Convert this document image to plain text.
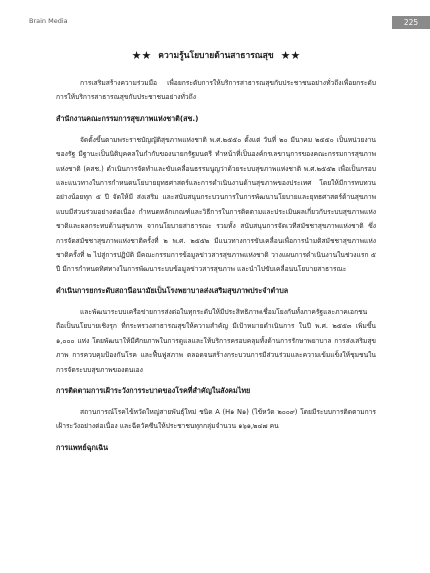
Brain Media	225
★★ ความรู้นโยบายด้านสาธารณสุข ★★

การเสริมสร้างความร่วมมือ เพื่อยกระดับการให้บริการสาธารณสุขกับประชาชนอย่างทั่วถึงเพื่อยกระดับการให้บริการสาธารณสุขกับประชาชนอย่างทั่วถึง

สำนักงานคณะกรรมการสุขภาพแห่งชาติ(สช.)

จัดตั้งขึ้นตามพระราชบัญญัติสุขภาพแห่งชาติ พ.ศ.๒๕๕๐ ตั้งแต่ วันที่ ๒๐ มีนาคม ๒๕๕๐ เป็นหน่วยงานของรัฐ มีฐานะเป็นนิติบุคคลในกำกับของนายกรัฐมนตรี ทำหน้าที่เป็นองค์กรเลขานุการของคณะกรรมการสุขภาพแห่งชาติ (คสช.) ดำเนินการจัดทำและขับเคลื่อนธรรมนูญว่าด้วยระบบสุขภาพแห่งชาติ พ.ศ.๒๕๕๒ เพื่อเป็นกรอบและแนวทางในการกำหนดนโยบายยุทธศาสตร์และการดำเนินงานด้านสุขภาพของประเทศ โดยให้มีการทบทวนอย่างน้อยทุก ๕ ปี จัดให้มี ส่งเสริม และสนับสนุนกระบวนการในการพัฒนานโยบายและยุทธศาสตร์ด้านสุขภาพแบบมีส่วนร่วมอย่างต่อเนื่อง กำหนดหลักเกณฑ์และวิธีการในการติดตามและประเมินผลเกี่ยวกับระบบสุขภาพแห่งชาติและผลกระทบด้านสุขภาพ จากนโยบายสาธารณะ รวมทั้ง สนับสนุนการจัดเวทีสมัชชาสุขภาพแห่งชาติ ซึ่งการจัดสมัชชาสุขภาพแห่งชาติครั้งที่ ๒ พ.ศ. ๒๕๕๒ มีแนวทางการขับเคลื่อนเพื่อการนำมติสมัชชาสุขภาพแห่งชาติครั้งที่ ๒ ไปสู่การปฏิบัติ มีคณะกรรมการข้อมูลข่าวสารสุขภาพแห่งชาติ วางแผนการดำเนินงานในช่วงแรก ๕ ปี มีการกำหนดทิศทางในการพัฒนาระบบข้อมูลข่าวสารสุขภาพ และนำไปขับเคลื่อนนโยบายสาธารณะ

ดำเนินการยกระดับสถานีอนามัยเป็นโรงพยาบาลส่งเสริมสุขภาพประจำตำบล

และพัฒนาระบบเครือข่ายการส่งต่อในทุกระดับให้มีประสิทธิภาพเชื่อมโยงกันทั้งภาครัฐและภาคเอกชน ถือเป็นนโยบายเชิงรุก ที่กระทรวงสาธารณสุขให้ความสำคัญ มีเป้าหมายดำเนินการ ในปี พ.ศ. ๒๕๕๓ เพิ่มขึ้น ๑,๐๐๐ แห่ง โดยพัฒนาให้มีศักยภาพในการดูแลและให้บริการครอบคลุมทั้งด้านการรักษาพยาบาล การส่งเสริมสุขภาพ การควบคุมป้องกันโรค และฟื้นฟูสภาพ ตลอดจนสร้างกระบวนการมีส่วนร่วมและความเข้มแข็งให้ชุมชนในการจัดระบบสุขภาพของตนเอง

การติดตามการเฝ้าระวังการระบาดของโรคที่สำคัญในสังคมไทย

สถานการณ์โรคไข้หวัดใหญ่สายพันธุ์ใหม่ ชนิด A (H๑ N๑) (ไข้หวัด ๒๐๐๙) โดยมีระบบการติดตามการเฝ้าระวังอย่างต่อเนื่อง และฉีดวัคซีนให้ประชาชนทุกกลุ่มจำนวน ๑๖๑,๒๔๗ คน

การแพทย์ฉุกเฉิน
